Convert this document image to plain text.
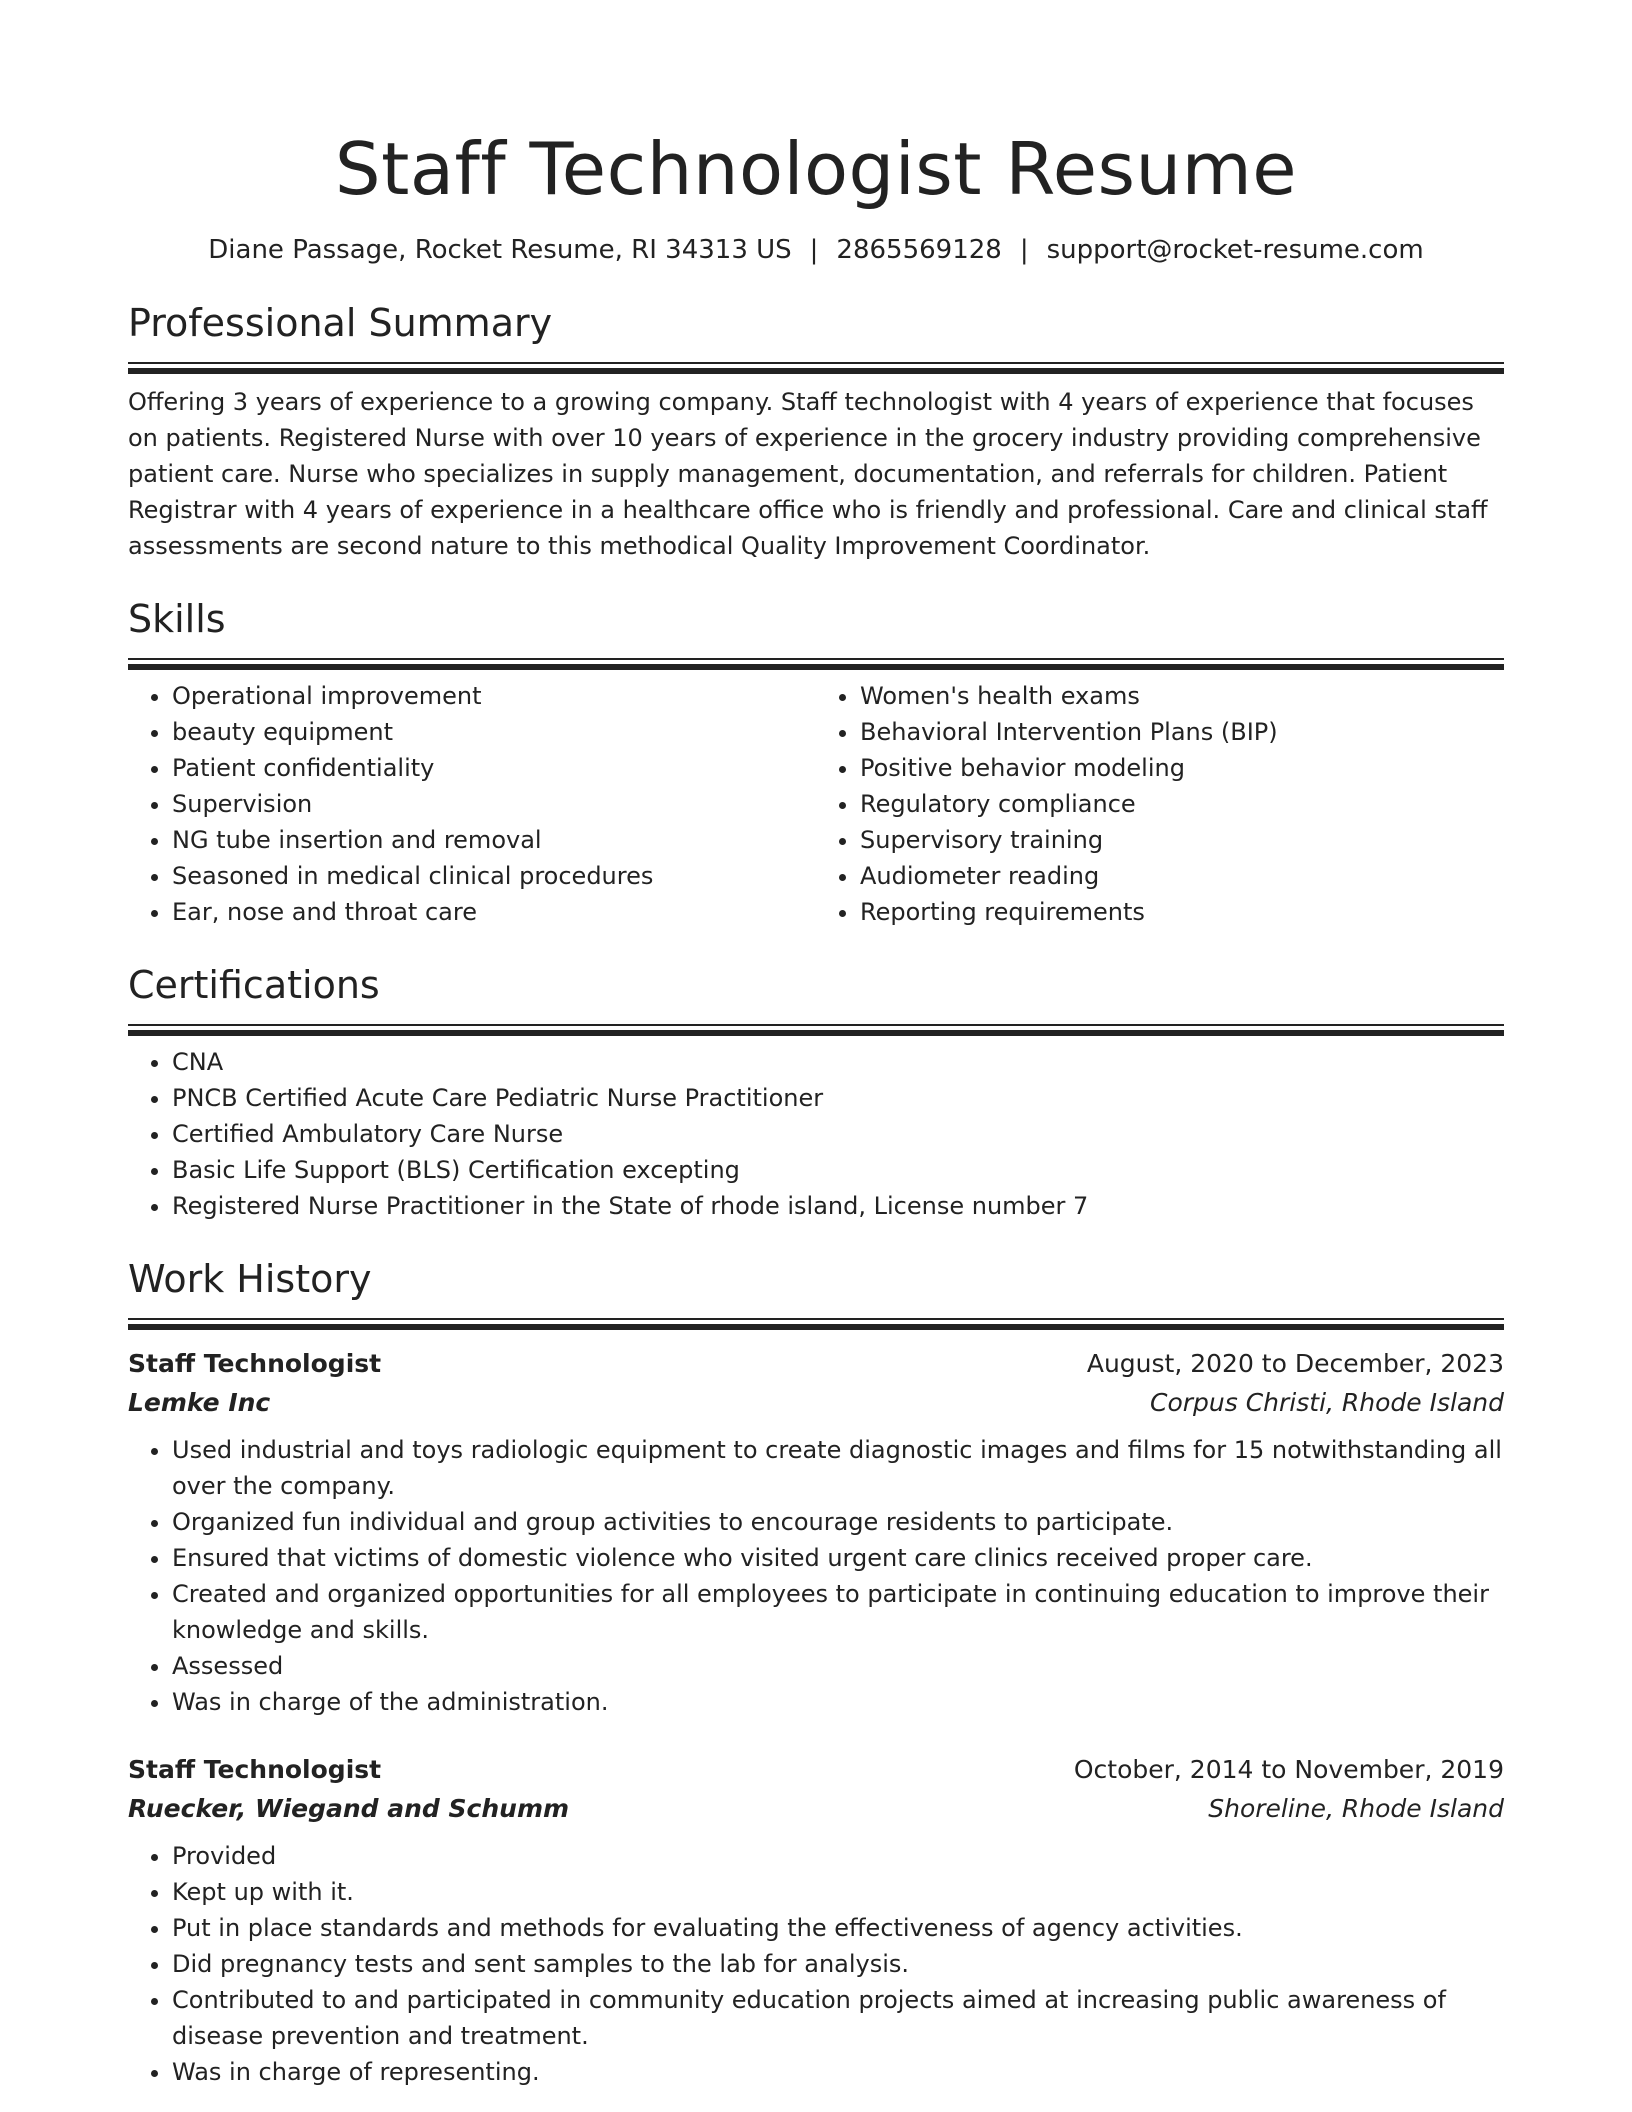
Staff Technologist Resume
Diane Passage, Rocket Resume, RI 34313 US | 2865569128 | support@rocket-resume.com
Professional Summary

Offering 3 years of experience to a growing company. Staff technologist with 4 years of experience that focuses on patients. Registered Nurse with over 10 years of experience in the grocery industry providing comprehensive patient care. Nurse who specializes in supply management, documentation, and referrals for children. Patient Registrar with 4 years of experience in a healthcare office who is friendly and professional. Care and clinical staff assessments are second nature to this methodical Quality Improvement Coordinator.

Skills
• Operational improvement
• beauty equipment
• Patient confidentiality
• Supervision
• NG tube insertion and removal
• Seasoned in medical clinical procedures
• Ear, nose and throat care
• Women's health exams
• Behavioral Intervention Plans (BIP)
• Positive behavior modeling
• Regulatory compliance
• Supervisory training
• Audiometer reading
• Reporting requirements
Certifications
• CNA
• PNCB Certified Acute Care Pediatric Nurse Practitioner
• Certified Ambulatory Care Nurse
• Basic Life Support (BLS) Certification excepting
• Registered Nurse Practitioner in the State of rhode island, License number 7
Work History
Staff Technologist	August, 2020 to December, 2023
Lemke Inc	Corpus Christi, Rhode Island
• Used industrial and toys radiologic equipment to create diagnostic images and films for 15 notwithstanding all over the company.
• Organized fun individual and group activities to encourage residents to participate.
• Ensured that victims of domestic violence who visited urgent care clinics received proper care.
• Created and organized opportunities for all employees to participate in continuing education to improve their knowledge and skills.
• Assessed
• Was in charge of the administration.
Staff Technologist	October, 2014 to November, 2019
Ruecker, Wiegand and Schumm	Shoreline, Rhode Island
• Provided
• Kept up with it.
• Put in place standards and methods for evaluating the effectiveness of agency activities.
• Did pregnancy tests and sent samples to the lab for analysis.
• Contributed to and participated in community education projects aimed at increasing public awareness of disease prevention and treatment.
• Was in charge of representing.
